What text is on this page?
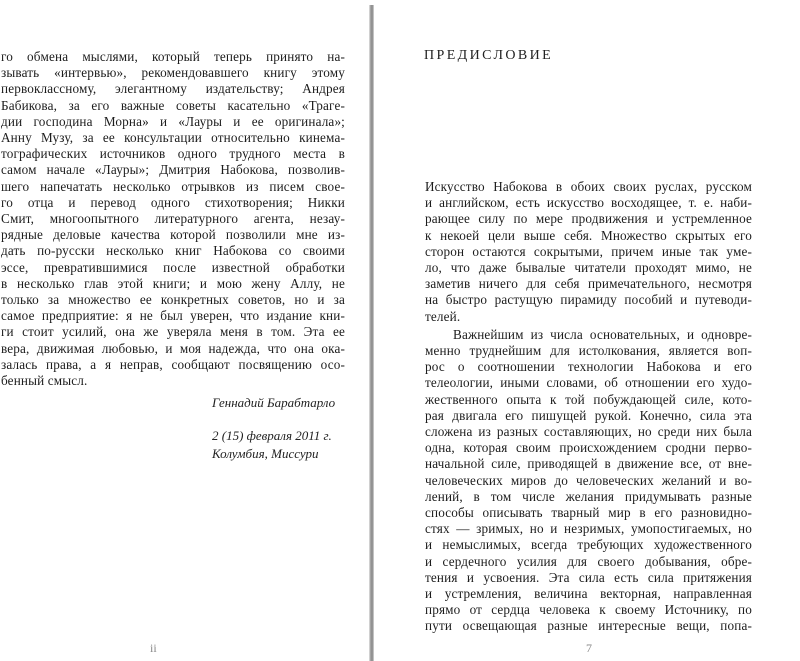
Геннадий Барабтарло
2 (15) февраля 2011 г.
Колумбия, Миссури
ii
го обмена мыслями, который теперь принято на-
зывать «интервью», рекомендовавшего книгу этому
первоклассному, элегантному издательству; Андрея
Бабикова, за его важные советы касательно «Траге-
дии господина Морна» и «Лауры и ее оригинала»;
Анну Музу, за ее консультации относительно кинема-
тографических источников одного трудного места в
самом начале «Лауры»; Дмитрия Набокова, позволив-
шего напечатать несколько отрывков из писем свое-
го отца и перевод одного стихотворения; Никки
Смит, многоопытного литературного агента, незау-
рядные деловые качества которой позволили мне из-
дать по-русски несколько книг Набокова со своими
эссе, превратившимися после известной обработки
в несколько глав этой книги; и мою жену Аллу, не
только за множество ее конкретных советов, но и за
самое предприятие: я не был уверен, что издание кни-
ги стоит усилий, она же уверяла меня в том. Эта ее
вера, движимая любовью, и моя надежда, что она ока-
залась права, а я неправ, сообщают посвящению осо-
бенный смысл.
ПРЕДИСЛОВИЕ
7
Искусство Набокова в обоих своих руслах, русском
и английском, есть искусство восходящее, т. е. наби-
рающее силу по мере продвижения и устремленное
к некоей цели выше себя. Множество скрытых его
сторон остаются сокрытыми, причем иные так уме-
ло, что даже бывалые читатели проходят мимо, не
заметив ничего для себя примечательного, несмотря
на быстро растущую пирамиду пособий и путеводи-
телей.
Важнейшим из числа основательных, и одновре-
менно труднейшим для истолкования, является воп-
рос о соотношении технологии Набокова и его
телеологии, иными словами, об отношении его худо-
жественного опыта к той побуждающей силе, кото-
рая двигала его пишущей рукой. Конечно, сила эта
сложена из разных составляющих, но среди них была
одна, которая своим происхождением сродни перво-
начальной силе, приводящей в движение все, от вне-
человеческих миров до человеческих желаний и во-
лений, в том числе желания придумывать разные
способы описывать тварный мир в его разновидно-
стях — зримых, но и незримых, умопостигаемых, но
и немыслимых, всегда требующих художественного
и сердечного усилия для своего добывания, обре-
тения и усвоения. Эта сила есть сила притяжения
и устремления, величина векторная, направленная
прямо от сердца человека к своему Источнику, по
пути освещающая разные интересные вещи, попа-
